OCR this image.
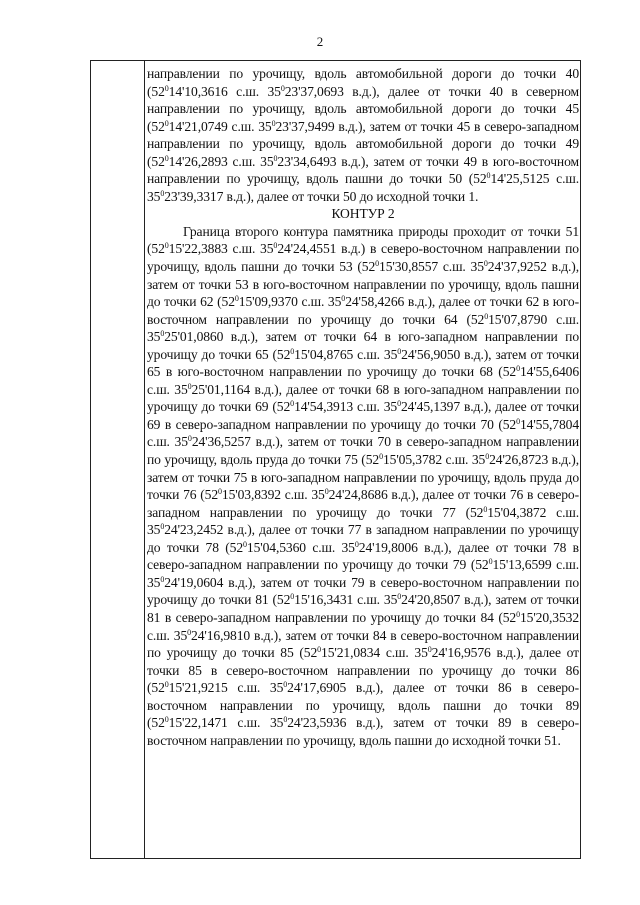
2

направлении по урочищу, вдоль автомобильной дороги до точки 40 ($52^014'10,3616$ с.ш. $35^023'37,0693$ в.д.), далее от точки 40 в северном направлении по урочищу, вдоль автомобильной дороги до точки 45 ($52^014'21,0749$ с.ш. $35^023'37,9499$ в.д.), затем от точки 45 в северо-западном направлении по урочищу, вдоль автомобильной дороги до точки 49 ($52^014'26,2893$ с.ш. $35^023'34,6493$ в.д.), затем от точки 49 в юго-восточном направлении по урочищу, вдоль пашни до точки 50 ($52^014'25,5125$ с.ш. $35^023'39,3317$ в.д.), далее от точки 50 до исходной точки 1.

КОНТУР 2

Граница второго контура памятника природы проходит от точки 51 ($52^015'22,3883$ с.ш. $35^024'24,4551$ в.д.) в северо-восточном направлении по урочищу, вдоль пашни до точки 53 ($52^015'30,8557$ с.ш. $35^024'37,9252$ в.д.), затем от точки 53 в юго-восточном направлении по урочищу, вдоль пашни до точки 62 ($52^015'09,9370$ с.ш. $35^024'58,4266$ в.д.), далее от точки 62 в юго-восточном направлении по урочищу до точки 64 ($52^015'07,8790$ с.ш. $35^025'01,0860$ в.д.), затем от точки 64 в юго-западном направлении по урочищу до точки 65 ($52^015'04,8765$ с.ш. $35^024'56,9050$ в.д.), затем от точки 65 в юго-восточном направлении по урочищу до точки 68 ($52^014'55,6406$ с.ш. $35^025'01,1164$ в.д.), далее от точки 68 в юго-западном направлении по урочищу до точки 69 ($52^014'54,3913$ с.ш. $35^024'45,1397$ в.д.), далее от точки 69 в северо-западном направлении по урочищу до точки 70 ($52^014'55,7804$ с.ш. $35^024'36,5257$ в.д.), затем от точки 70 в северо-западном направлении по урочищу, вдоль пруда до точки 75 ($52^015'05,3782$ с.ш. $35^024'26,8723$ в.д.), затем от точки 75 в юго-западном направлении по урочищу, вдоль пруда до точки 76 ($52^015'03,8392$ с.ш. $35^024'24,8686$ в.д.), далее от точки 76 в северо-западном направлении по урочищу до точки 77 ($52^015'04,3872$ с.ш. $35^024'23,2452$ в.д.), далее от точки 77 в западном направлении по урочищу до точки 78 ($52^015'04,5360$ с.ш. $35^024'19,8006$ в.д.), далее от точки 78 в северо-западном направлении по урочищу до точки 79 ($52^015'13,6599$ с.ш. $35^024'19,0604$ в.д.), затем от точки 79 в северо-восточном направлении по урочищу до точки 81 ($52^015'16,3431$ с.ш. $35^024'20,8507$ в.д.), затем от точки 81 в северо-западном направлении по урочищу до точки 84 ($52^015'20,3532$ с.ш. $35^024'16,9810$ в.д.), затем от точки 84 в северо-восточном направлении по урочищу до точки 85 ($52^015'21,0834$ с.ш. $35^024'16,9576$ в.д.), далее от точки 85 в северо-восточном направлении по урочищу до точки 86 ($52^015'21,9215$ с.ш. $35^024'17,6905$ в.д.), далее от точки 86 в северо-восточном направлении по урочищу, вдоль пашни до точки 89 ($52^015'22,1471$ с.ш. $35^024'23,5936$ в.д.), затем от точки 89 в северо-восточном направлении по урочищу, вдоль пашни до исходной точки 51.
